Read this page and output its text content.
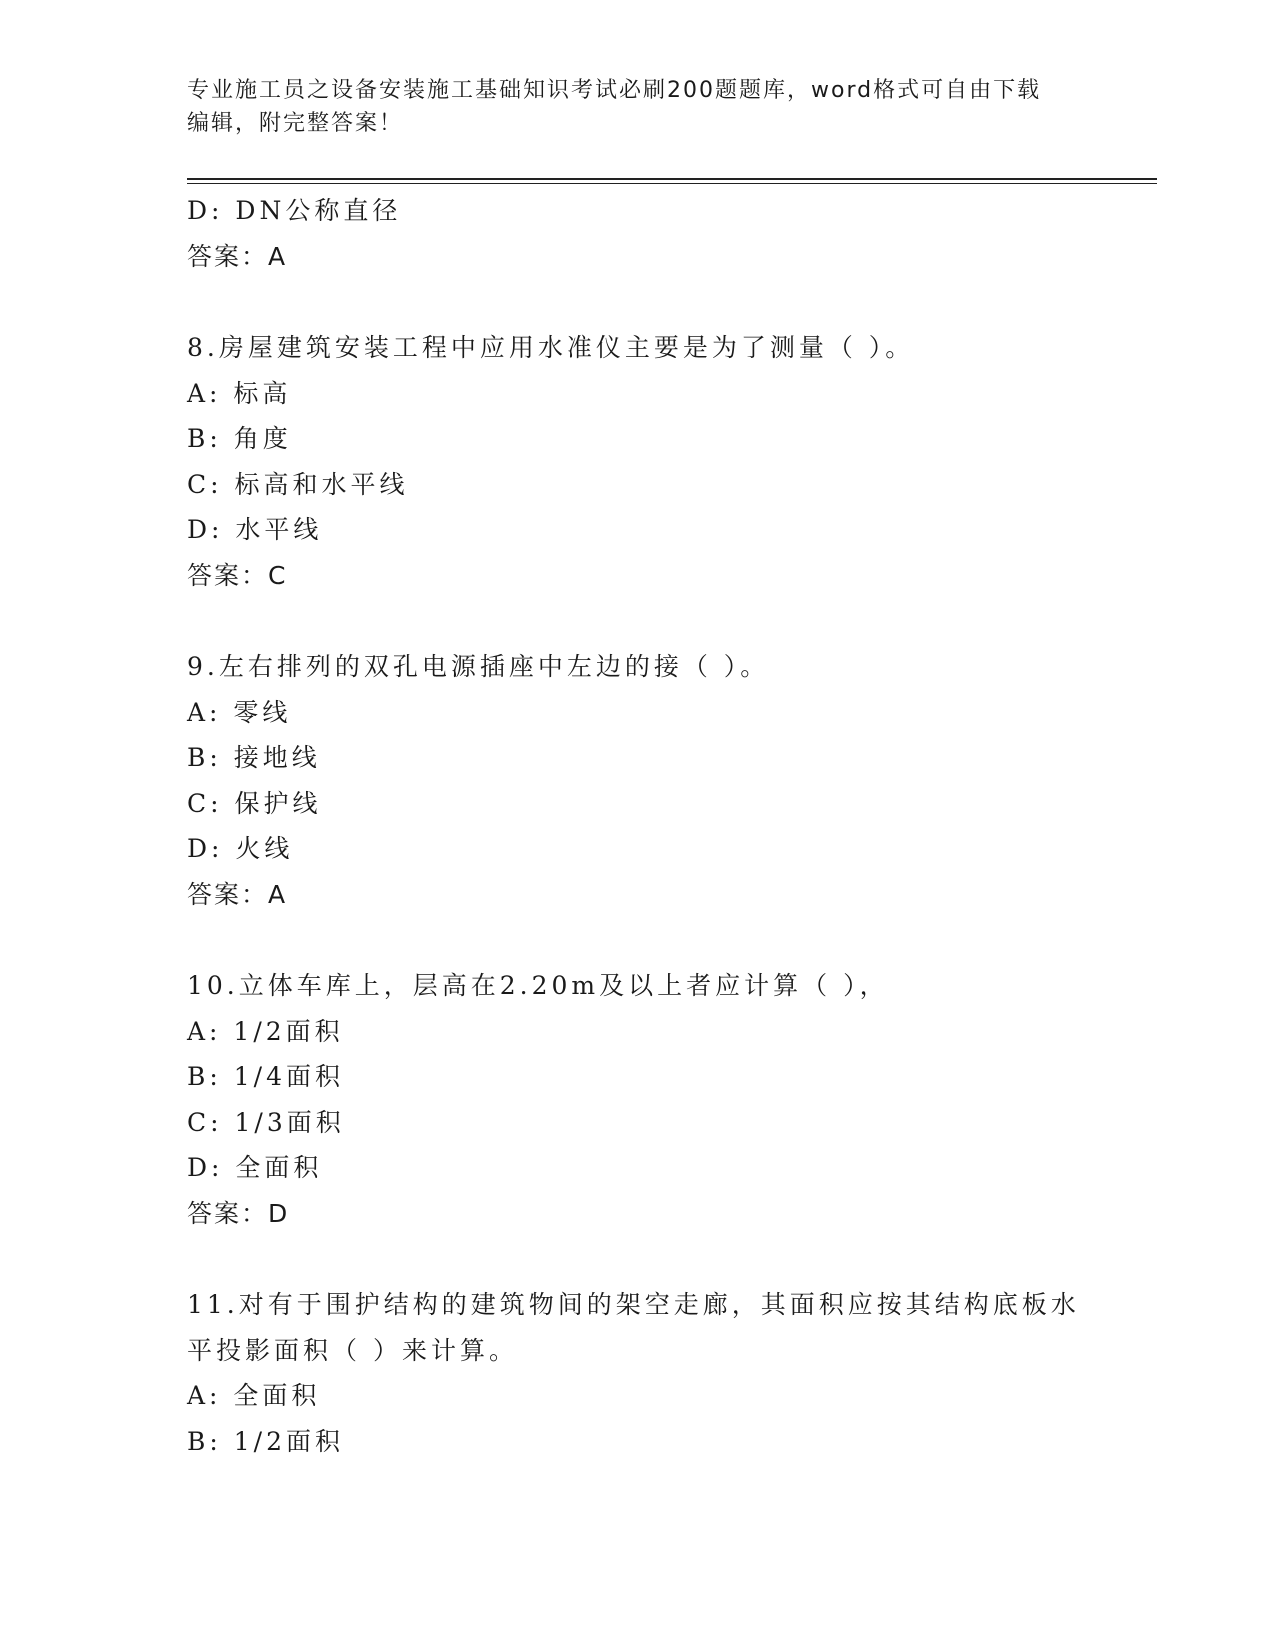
专业施工员之设备安装施工基础知识考试必刷200题题库，word格式可自由下载
编辑，附完整答案！
D: DN公称直径
答案：A
8.房屋建筑安装工程中应用水准仪主要是为了测量（ ）。
A: 标高
B: 角度
C: 标高和水平线
D: 水平线
答案：C
9.左右排列的双孔电源插座中左边的接（ ）。
A: 零线
B: 接地线
C: 保护线
D: 火线
答案：A
10.立体车库上，层高在2.20m及以上者应计算（ ），
A: 1/2面积
B: 1/4面积
C: 1/3面积
D: 全面积
答案：D
11.对有于围护结构的建筑物间的架空走廊，其面积应按其结构底板水
平投影面积（ ）来计算。
A: 全面积
B: 1/2面积
